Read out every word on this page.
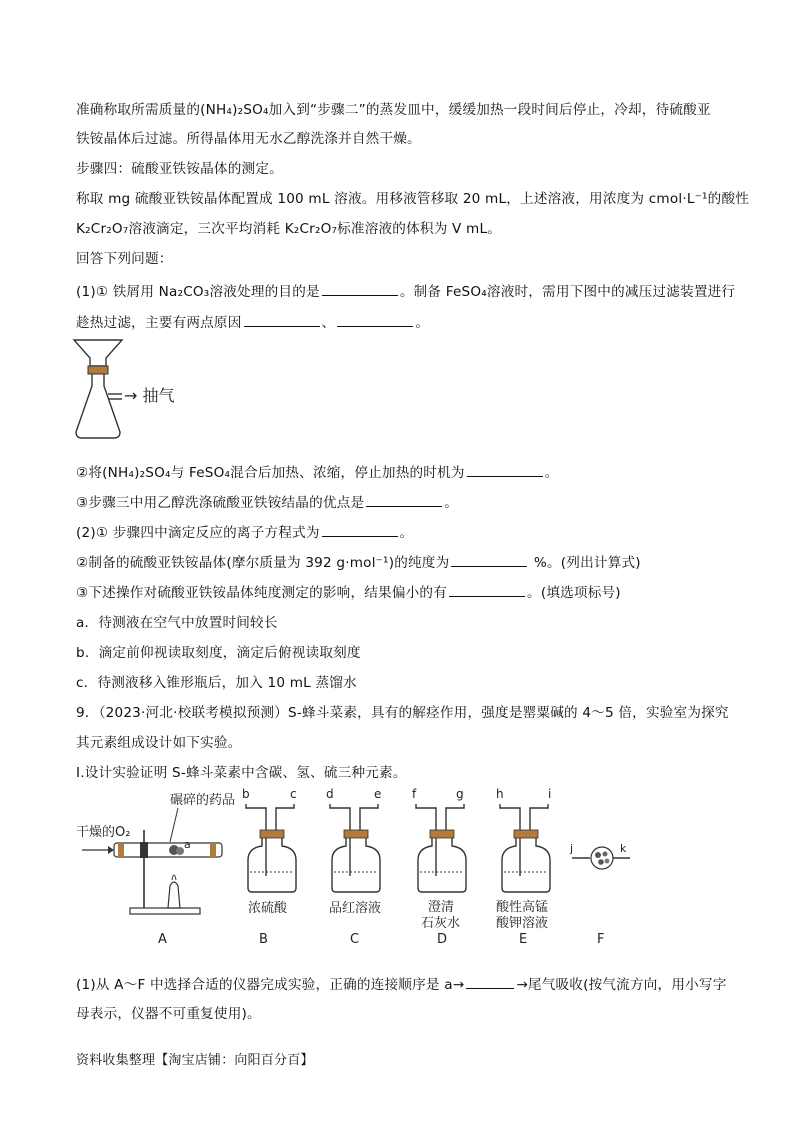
准确称取所需质量的(NH₄)₂SO₄加入到“步骤二”的蒸发皿中，缓缓加热一段时间后停止，冷却，待硫酸亚
铁铵晶体后过滤。所得晶体用无水乙醇洗涤并自然干燥。
步骤四：硫酸亚铁铵晶体的测定。
称取 mg 硫酸亚铁铵晶体配置成 100 mL 溶液。用移液管移取 20 mL，上述溶液，用浓度为 cmol·L⁻¹的酸性
K₂Cr₂O₇溶液滴定，三次平均消耗 K₂Cr₂O₇标准溶液的体积为 V mL。
回答下列问题：
(1)① 铁屑用 Na₂CO₃溶液处理的目的是	。制备 FeSO₄溶液时，需用下图中的减压过滤装置进行
趁热过滤，主要有两点原因	、	。
→ 抽气
②将(NH₄)₂SO₄与 FeSO₄混合后加热、浓缩，停止加热的时机为	。
③步骤三中用乙醇洗涤硫酸亚铁铵结晶的优点是	。
(2)① 步骤四中滴定反应的离子方程式为	。
②制备的硫酸亚铁铵晶体(摩尔质量为 392 g·mol⁻¹)的纯度为	%。(列出计算式)
③下述操作对硫酸亚铁铵晶体纯度测定的影响，结果偏小的有	。(填选项标号)
a．待测液在空气中放置时间较长
b．滴定前仰视读取刻度，滴定后俯视读取刻度
c．待测液移入锥形瓶后，加入 10 mL 蒸馏水
9．（2023·河北·校联考模拟预测）S-蜂斗菜素，具有的解痉作用，强度是罂粟碱的 4～5 倍，实验室为探究
其元素组成设计如下实验。
I.设计实验证明 S-蜂斗菜素中含碳、氢、硫三种元素。
干燥的O₂
碾碎的药品
a
A
b	c
浓硫酸
B
d	e
品红溶液
C
f	g
澄清
石灰水
D
h	i
酸性高锰
酸钾溶液
E
j	k
F
(1)从 A～F 中选择合适的仪器完成实验，正确的连接顺序是 a→	→尾气吸收(按气流方向，用小写字
母表示，仪器不可重复使用)。
资料收集整理【淘宝店铺：向阳百分百】
